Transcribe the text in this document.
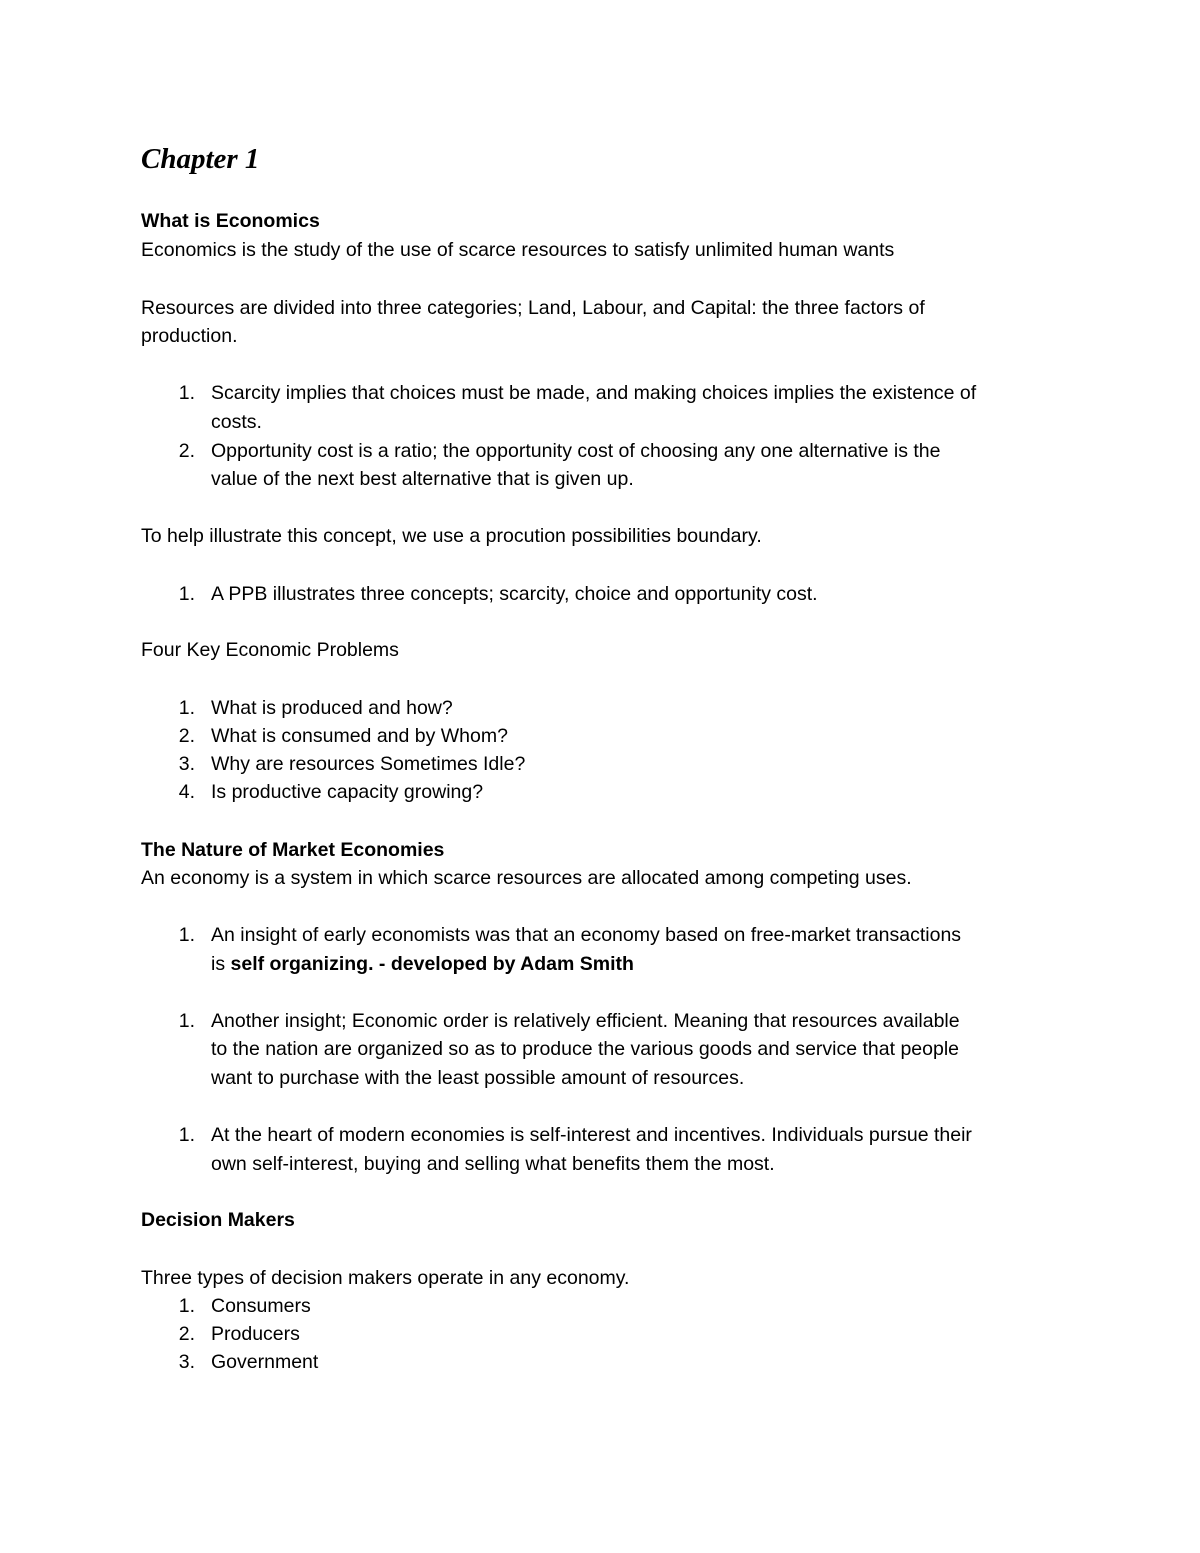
Chapter 1
What is Economics

Economics is the study of the use of scarce resources to satisfy unlimited human wants

Resources are divided into three categories; Land, Labour, and Capital: the three factors of

production.

1. Scarcity implies that choices must be made, and making choices implies the existence of
costs.
2. Opportunity cost is a ratio; the opportunity cost of choosing any one alternative is the
value of the next best alternative that is given up.

To help illustrate this concept, we use a procution possibilities boundary.

1. A PPB illustrates three concepts; scarcity, choice and opportunity cost.

Four Key Economic Problems

1. What is produced and how?
2. What is consumed and by Whom?
3. Why are resources Sometimes Idle?
4. Is productive capacity growing?
The Nature of Market Economies

An economy is a system in which scarce resources are allocated among competing uses.

1. An insight of early economists was that an economy based on free-market transactions
is self organizing. - developed by Adam Smith
1. Another insight; Economic order is relatively efficient. Meaning that resources available
to the nation are organized so as to produce the various goods and service that people
want to purchase with the least possible amount of resources.
1. At the heart of modern economies is self-interest and incentives. Individuals pursue their
own self-interest, buying and selling what benefits them the most.
Decision Makers

Three types of decision makers operate in any economy.

1. Consumers
2. Producers
3. Government
